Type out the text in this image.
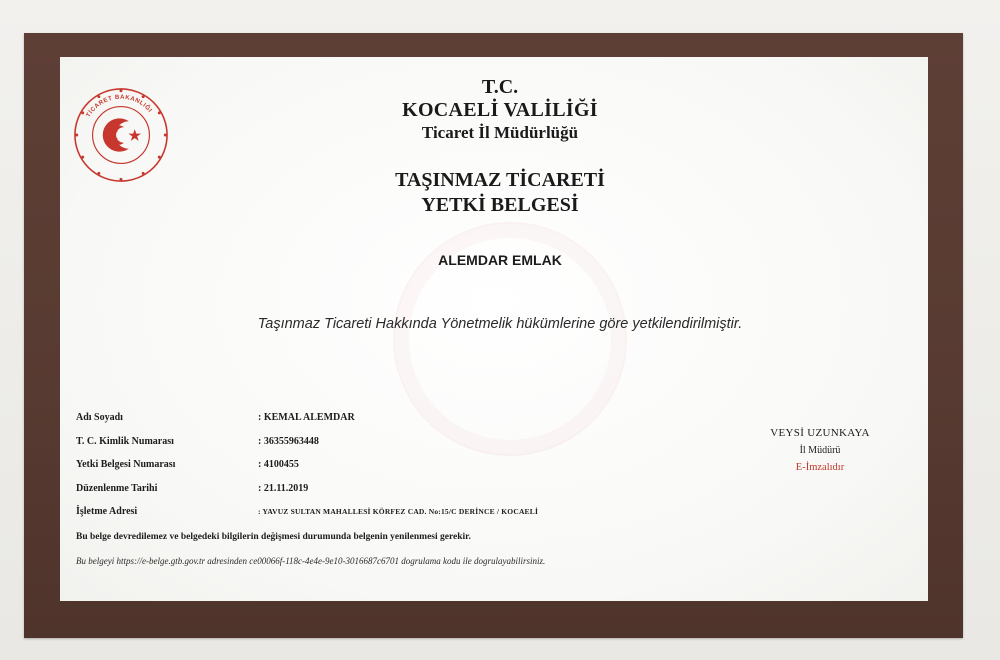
TİCARET BAKANLIĞI
T.C.
KOCAELİ VALİLİĞİ
Ticaret İl Müdürlüğü
TAŞINMAZ TİCARETİ
YETKİ BELGESİ
ALEMDAR EMLAK
Taşınmaz Ticareti Hakkında Yönetmelik hükümlerine göre yetkilendirilmiştir.
Adı Soyadı	: KEMAL ALEMDAR
T. C. Kimlik Numarası	: 36355963448
Yetki Belgesi Numarası	: 4100455
Düzenlenme Tarihi	: 21.11.2019
İşletme Adresi	: YAVUZ SULTAN MAHALLESİ KÖRFEZ CAD. No:15/C DERİNCE / KOCAELİ
Bu belge devredilemez ve belgedeki bilgilerin değişmesi durumunda belgenin yenilenmesi gerekir.
Bu belgeyi https://e-belge.gtb.gov.tr adresinden ce00066f-118c-4e4e-9e10-3016687c6701 dogrulama kodu ile dogrulayabilirsiniz.
VEYSİ UZUNKAYA
İl Müdürü
E-İmzalıdır
